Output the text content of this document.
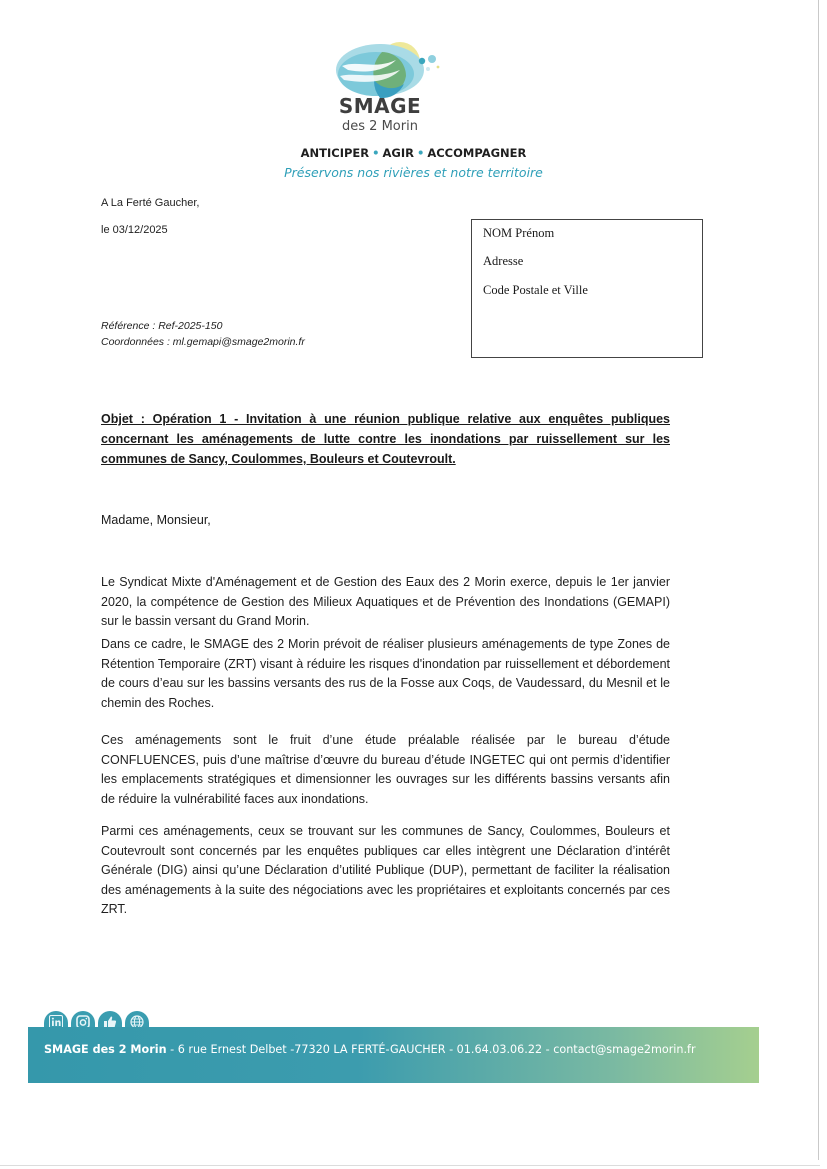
SMAGE
des 2 Morin
ANTICIPER • AGIR • ACCOMPAGNER
Préservons nos rivières et notre territoire
A La Ferté Gaucher,
le 03/12/2025
Référence : Ref-2025-150
Coordonnées : ml.gemapi@smage2morin.fr
NOM Prénom
Adresse
Code Postale et Ville
Objet : Opération 1 - Invitation à une réunion publique relative aux enquêtes publiques concernant les aménagements de lutte contre les inondations par ruissellement sur les communes de Sancy, Coulommes, Bouleurs et Coutevroult.
Madame, Monsieur,
Le Syndicat Mixte d'Aménagement et de Gestion des Eaux des 2 Morin exerce, depuis le 1er janvier 2020, la compétence de Gestion des Milieux Aquatiques et de Prévention des Inondations (GEMAPI) sur le bassin versant du Grand Morin.
Dans ce cadre, le SMAGE des 2 Morin prévoit de réaliser plusieurs aménagements de type Zones de Rétention Temporaire (ZRT) visant à réduire les risques d'inondation par ruissellement et débordement de cours d’eau sur les bassins versants des rus de la Fosse aux Coqs, de Vaudessard, du Mesnil et le chemin des Roches.
Ces aménagements sont le fruit d’une étude préalable réalisée par le bureau d’étude CONFLUENCES, puis d’une maîtrise d’œuvre du bureau d’étude INGETEC qui ont permis d’identifier les emplacements stratégiques et dimensionner les ouvrages sur les différents bassins versants afin de réduire la vulnérabilité faces aux inondations.
Parmi ces aménagements, ceux se trouvant sur les communes de Sancy, Coulommes, Bouleurs et Coutevroult sont concernés par les enquêtes publiques car elles intègrent une Déclaration d’intérêt Générale (DIG) ainsi qu’une Déclaration d’utilité Publique (DUP), permettant de faciliter la réalisation des aménagements à la suite des négociations avec les propriétaires et exploitants concernés par ces ZRT.
SMAGE des 2 Morin - 6 rue Ernest Delbet -77320 LA FERTÉ-GAUCHER - 01.64.03.06.22 - contact@smage2morin.fr
